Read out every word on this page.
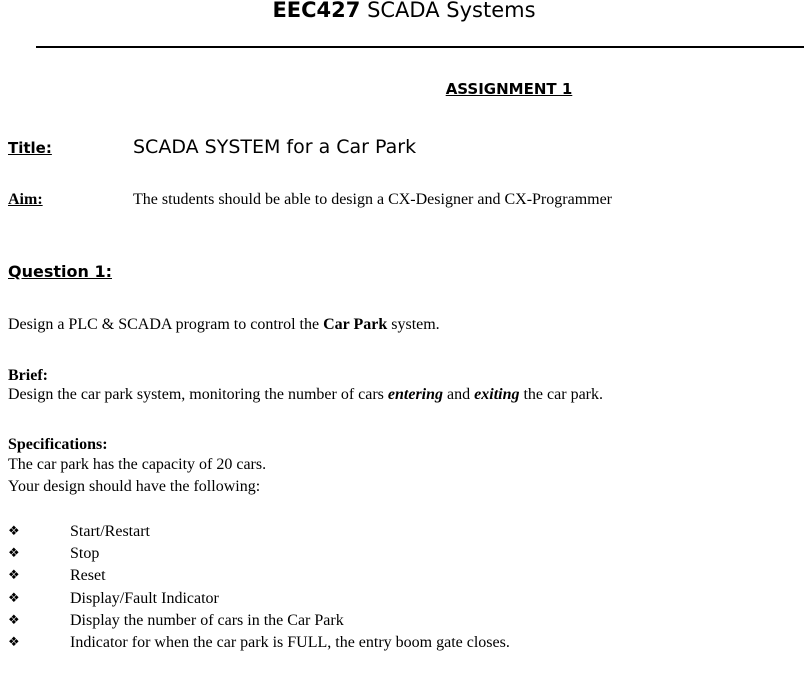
EEC427 SCADA Systems
ASSIGNMENT 1
Title:	SCADA SYSTEM for a Car Park
Aim:	The students should be able to design a CX-Designer and CX-Programmer
Question 1:
Design a PLC & SCADA program to control the Car Park system.
Brief:
Design the car park system, monitoring the number of cars entering and exiting the car park.
Specifications:
The car park has the capacity of 20 cars.
Your design should have the following:
❖	Start/Restart
❖	Stop
❖	Reset
❖	Display/Fault Indicator
❖	Display the number of cars in the Car Park
❖	Indicator for when the car park is FULL, the entry boom gate closes.
